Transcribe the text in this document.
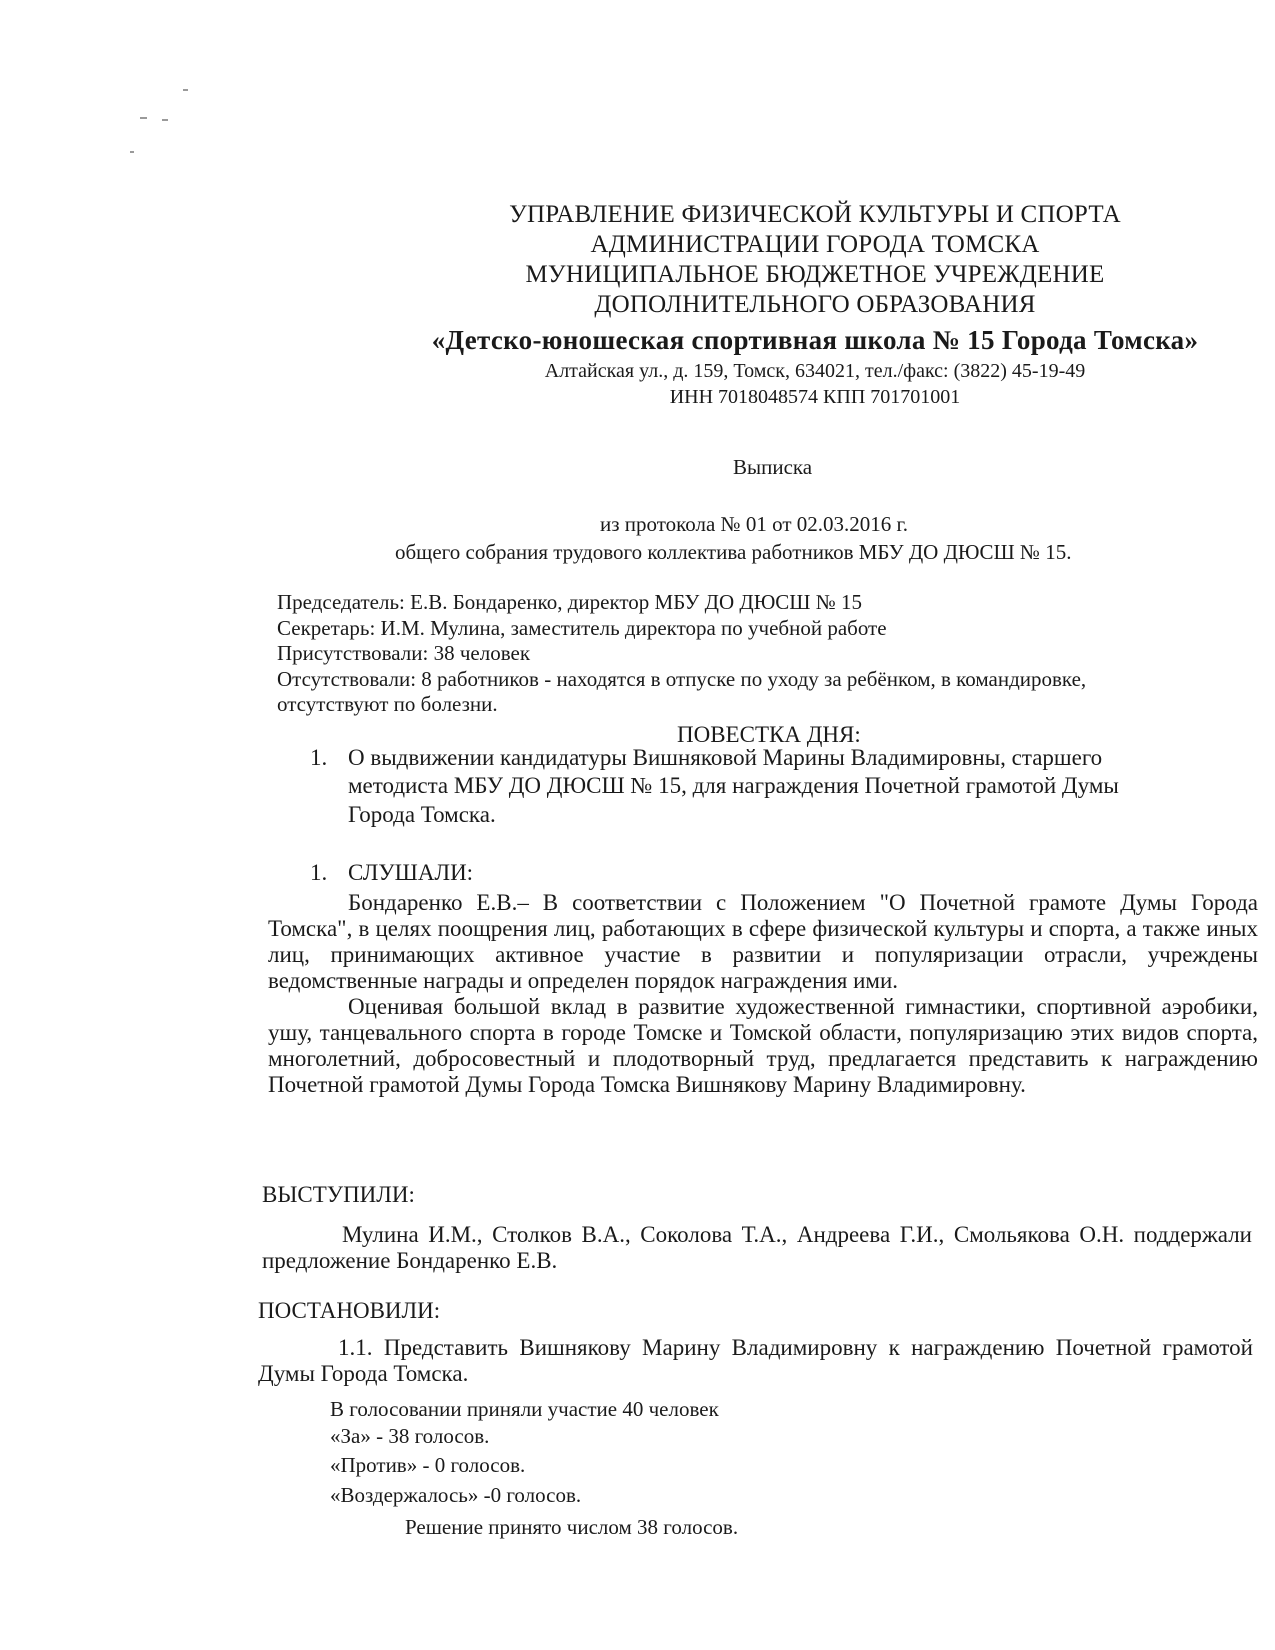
УПРАВЛЕНИЕ ФИЗИЧЕСКОЙ КУЛЬТУРЫ И СПОРТА
АДМИНИСТРАЦИИ ГОРОДА ТОМСКА
МУНИЦИПАЛЬНОЕ БЮДЖЕТНОЕ УЧРЕЖДЕНИЕ
ДОПОЛНИТЕЛЬНОГО ОБРАЗОВАНИЯ
«Детско-юношеская спортивная школа № 15 Города Томска»
Алтайская ул., д. 159, Томск, 634021, тел./факс: (3822) 45-19-49
ИНН 7018048574 КПП 701701001
Выписка
из протокола № 01 от 02.03.2016 г.
общего собрания трудового коллектива работников МБУ ДО ДЮСШ № 15.
Председатель: Е.В. Бондаренко, директор МБУ ДО ДЮСШ № 15
Секретарь: И.М. Мулина, заместитель директора по учебной работе
Присутствовали: 38 человек
Отсутствовали: 8 работников - находятся в отпуске по уходу за ребёнком, в командировке,
отсутствуют по болезни.
ПОВЕСТКА ДНЯ:
1. О выдвижении кандидатуры Вишняковой Марины Владимировны, старшего
методиста МБУ ДО ДЮСШ № 15, для награждения Почетной грамотой Думы
Города Томска.
1. СЛУШАЛИ:

Бондаренко Е.В.– В соответствии с Положением "О Почетной грамоте Думы Города Томска", в целях поощрения лиц, работающих в сфере физической культуры и спорта, а также иных лиц, принимающих активное участие в развитии и популяризации отрасли, учреждены ведомственные награды и определен порядок награждения ими.

Оценивая большой вклад в развитие художественной гимнастики, спортивной аэробики, ушу, танцевального спорта в городе Томске и Томской области, популяризацию этих видов спорта, многолетний, добросовестный и плодотворный труд, предлагается представить к награждению Почетной грамотой Думы Города Томска Вишнякову Марину Владимировну.

ВЫСТУПИЛИ:

Мулина И.М., Столков В.А., Соколова Т.А., Андреева Г.И., Смольякова О.Н. поддержали предложение Бондаренко Е.В.

ПОСТАНОВИЛИ:

1.1. Представить Вишнякову Марину Владимировну к награждению Почетной грамотой Думы Города Томска.

В голосовании приняли участие 40 человек
«За» - 38 голосов.
«Против» - 0 голосов.
«Воздержалось» -0 голосов.
Решение принято числом 38 голосов.
